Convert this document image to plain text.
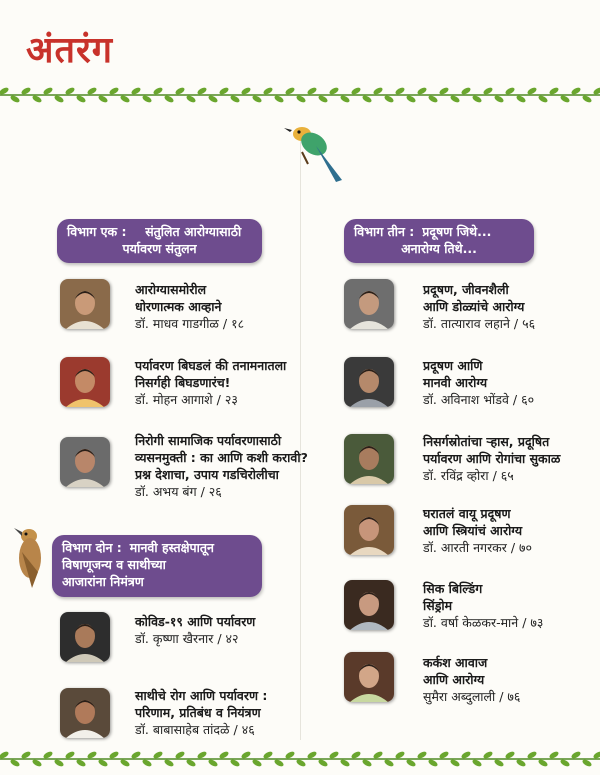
अंतरंग
विभाग एक :	संतुलित आरोग्यासाठी
पर्यावरण संतुलन
विभाग तीन : प्रदूषण जिथे...
अनारोग्य तिथे...
विभाग दोन : मानवी हस्तक्षेपातून
विषाणूजन्य व साथीच्या
आजारांना निमंत्रण
आरोग्यासमोरील
धोरणात्मक आव्हाने
डॉ. माधव गाडगीळ / १८
पर्यावरण बिघडलं की तनामनातला
निसर्गही बिघडणारंच!
डॉ. मोहन आगाशे / २३
निरोगी सामाजिक पर्यावरणासाठी
व्यसनमुक्ती : का आणि कशी करावी?
प्रश्न देशाचा, उपाय गडचिरोलीचा
डॉ. अभय बंग / २६
कोविड-१९ आणि पर्यावरण
डॉ. कृष्णा खैरनार / ४२
साथीचे रोग आणि पर्यावरण :
परिणाम, प्रतिबंध व नियंत्रण
डॉ. बाबासाहेब तांदळे / ४६
प्रदूषण, जीवनशैली
आणि डोळ्यांचे आरोग्य
डॉ. तात्याराव लहाने / ५६
प्रदूषण आणि
मानवी आरोग्य
डॉ. अविनाश भोंडवे / ६०
निसर्गस्रोतांचा ऱ्हास, प्रदूषित
पर्यावरण आणि रोगांचा सुकाळ
डॉ. रविंद्र व्होरा / ६५
घरातलं वायू प्रदूषण
आणि स्त्रियांचं आरोग्य
डॉ. आरती नगरकर / ७०
सिक बिल्डिंग
सिंड्रोम
डॉ. वर्षा केळकर-माने / ७३
कर्कश आवाज
आणि आरोग्य
सुमैरा अब्दुलाली / ७६
